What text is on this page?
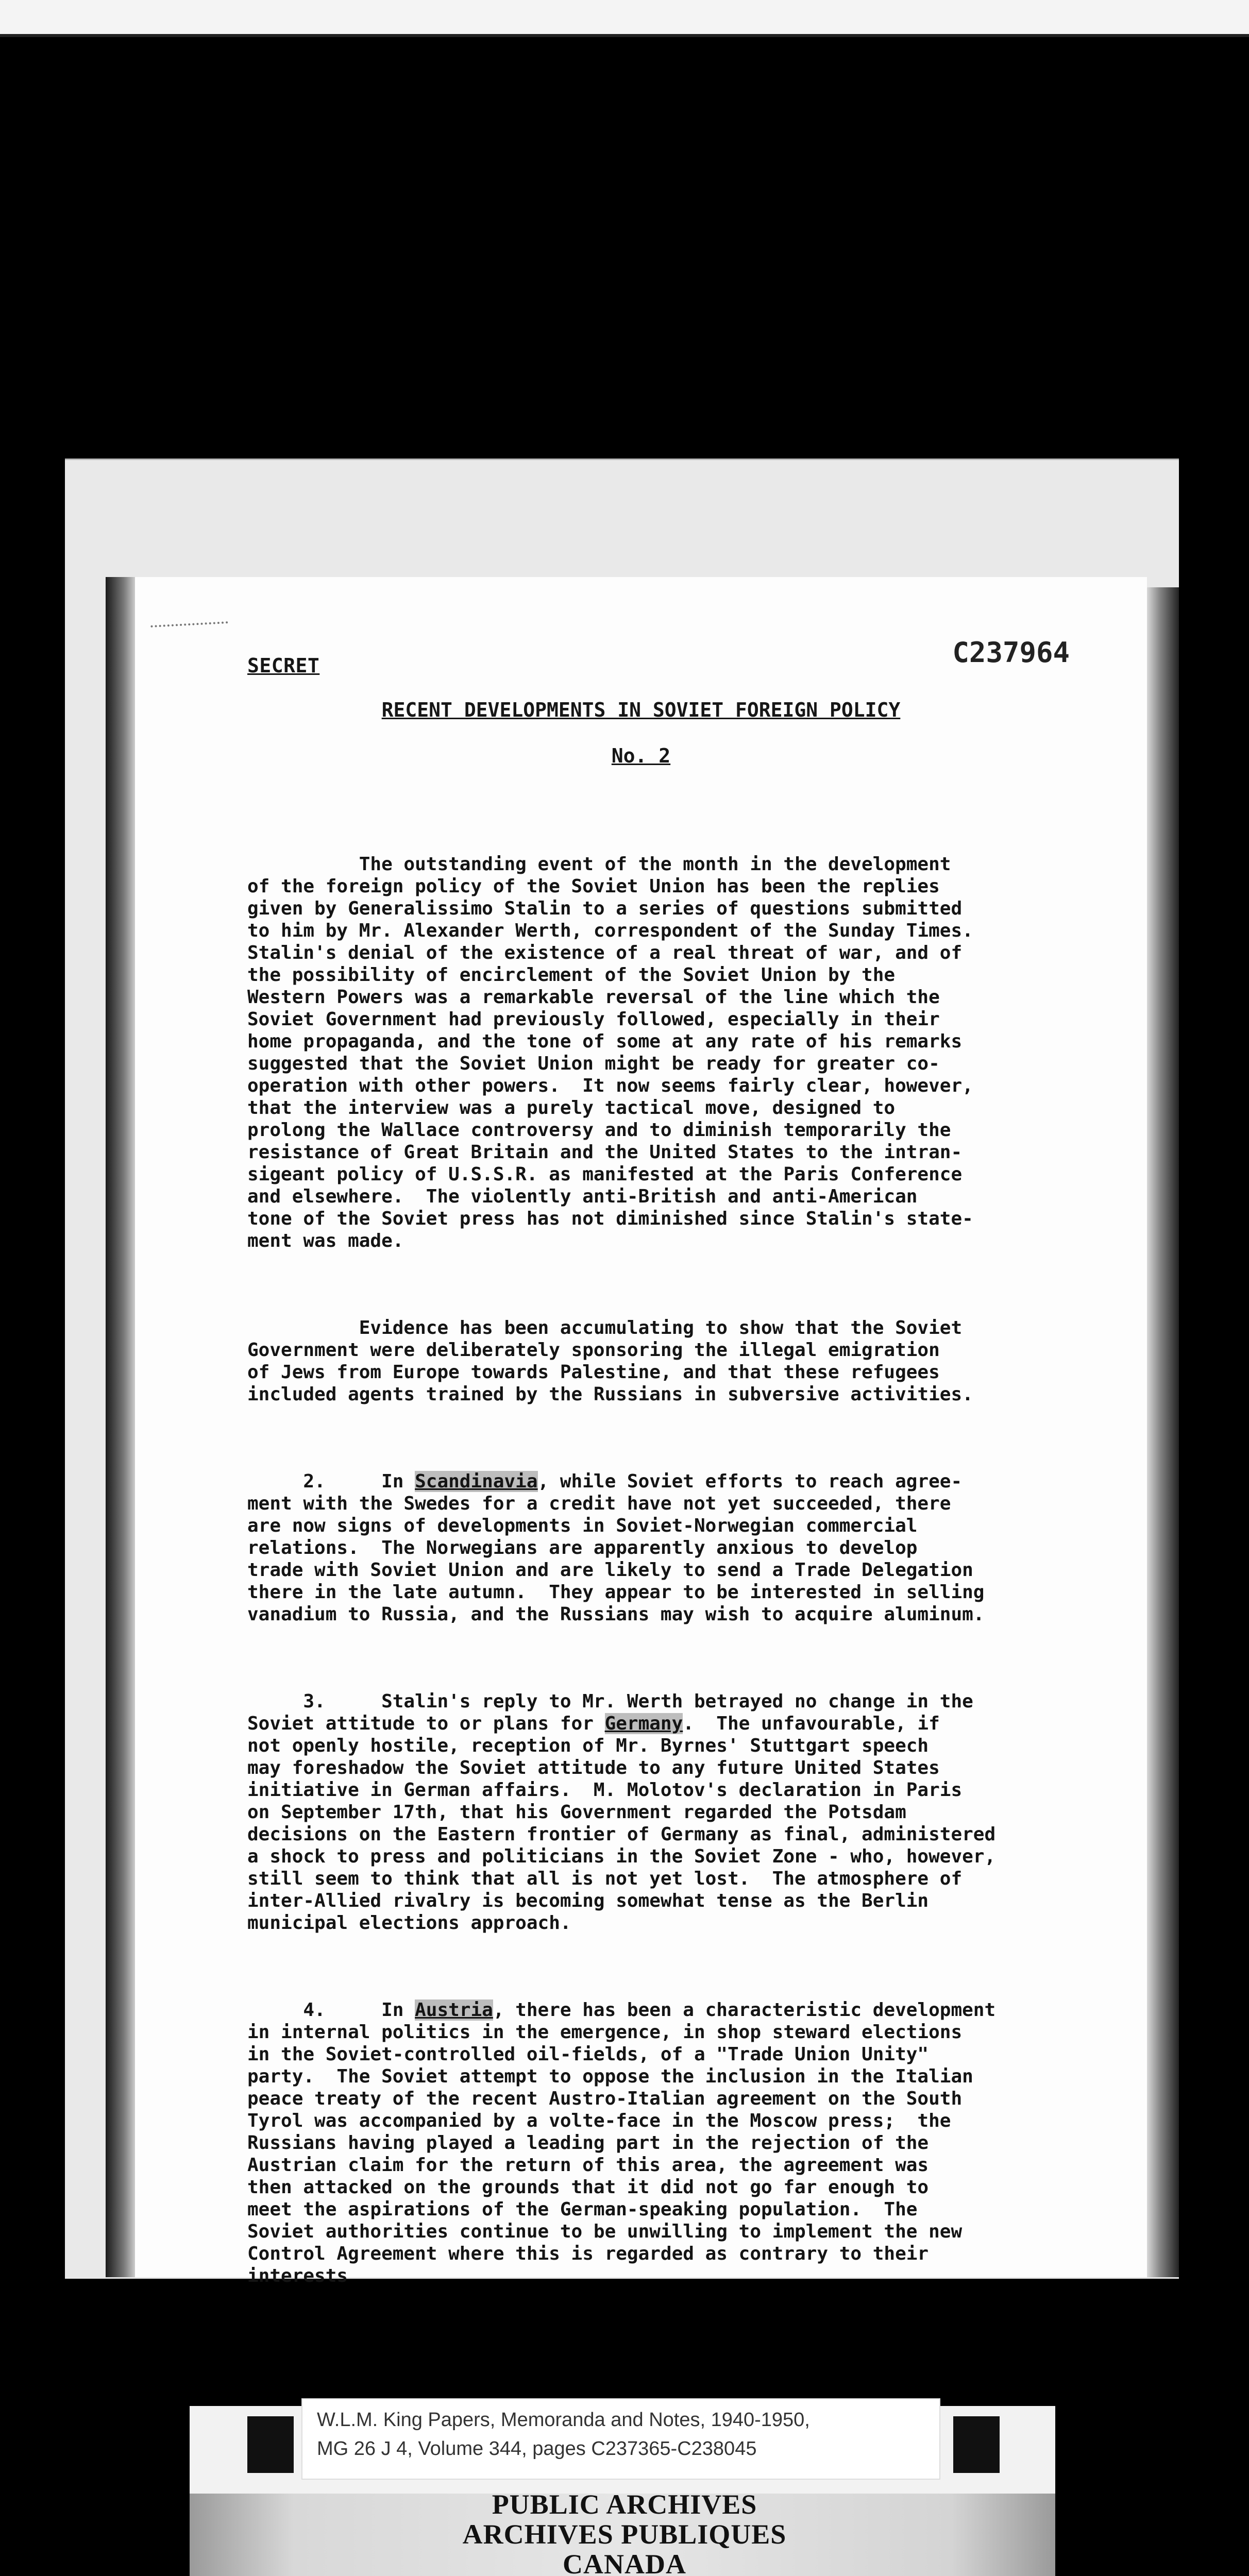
C237964
SECRET
RECENT DEVELOPMENTS IN SOVIET FOREIGN POLICY
No. 2

The outstanding event of the month in the development
of the foreign policy of the Soviet Union has been the replies
given by Generalissimo Stalin to a series of questions submitted
to him by Mr. Alexander Werth, correspondent of the Sunday Times.
Stalin's denial of the existence of a real threat of war, and of
the possibility of encirclement of the Soviet Union by the
Western Powers was a remarkable reversal of the line which the
Soviet Government had previously followed, especially in their
home propaganda, and the tone of some at any rate of his remarks
suggested that the Soviet Union might be ready for greater co-
operation with other powers.  It now seems fairly clear, however,
that the interview was a purely tactical move, designed to
prolong the Wallace controversy and to diminish temporarily the
resistance of Great Britain and the United States to the intran-
sigeant policy of U.S.S.R. as manifested at the Paris Conference
and elsewhere.  The violently anti-British and anti-American
tone of the Soviet press has not diminished since Stalin's state-
ment was made.

Evidence has been accumulating to show that the Soviet
Government were deliberately sponsoring the illegal emigration
of Jews from Europe towards Palestine, and that these refugees
included agents trained by the Russians in subversive activities.

2.     In Scandinavia, while Soviet efforts to reach agree-
ment with the Swedes for a credit have not yet succeeded, there
are now signs of developments in Soviet-Norwegian commercial
relations.  The Norwegians are apparently anxious to develop
trade with Soviet Union and are likely to send a Trade Delegation
there in the late autumn.  They appear to be interested in selling
vanadium to Russia, and the Russians may wish to acquire aluminum.

3.     Stalin's reply to Mr. Werth betrayed no change in the
Soviet attitude to or plans for Germany.  The unfavourable, if
not openly hostile, reception of Mr. Byrnes' Stuttgart speech
may foreshadow the Soviet attitude to any future United States
initiative in German affairs.  M. Molotov's declaration in Paris
on September 17th, that his Government regarded the Potsdam
decisions on the Eastern frontier of Germany as final, administered
a shock to press and politicians in the Soviet Zone - who, however,
still seem to think that all is not yet lost.  The atmosphere of
inter-Allied rivalry is becoming somewhat tense as the Berlin
municipal elections approach.

4.     In Austria, there has been a characteristic development
in internal politics in the emergence, in shop steward elections
in the Soviet-controlled oil-fields, of a "Trade Union Unity"
party.  The Soviet attempt to oppose the inclusion in the Italian
peace treaty of the recent Austro-Italian agreement on the South
Tyrol was accompanied by a volte-face in the Moscow press;  the
Russians having played a leading part in the rejection of the
Austrian claim for the return of this area, the agreement was
then attacked on the grounds that it did not go far enough to
meet the aspirations of the German-speaking population.  The
Soviet authorities continue to be unwilling to implement the new
Control Agreement where this is regarded as contrary to their
interests

W.L.M. King Papers, Memoranda and Notes, 1940-1950,
MG 26 J 4, Volume 344, pages C237365-C238045
PUBLIC ARCHIVES
ARCHIVES PUBLIQUES
CANADA
